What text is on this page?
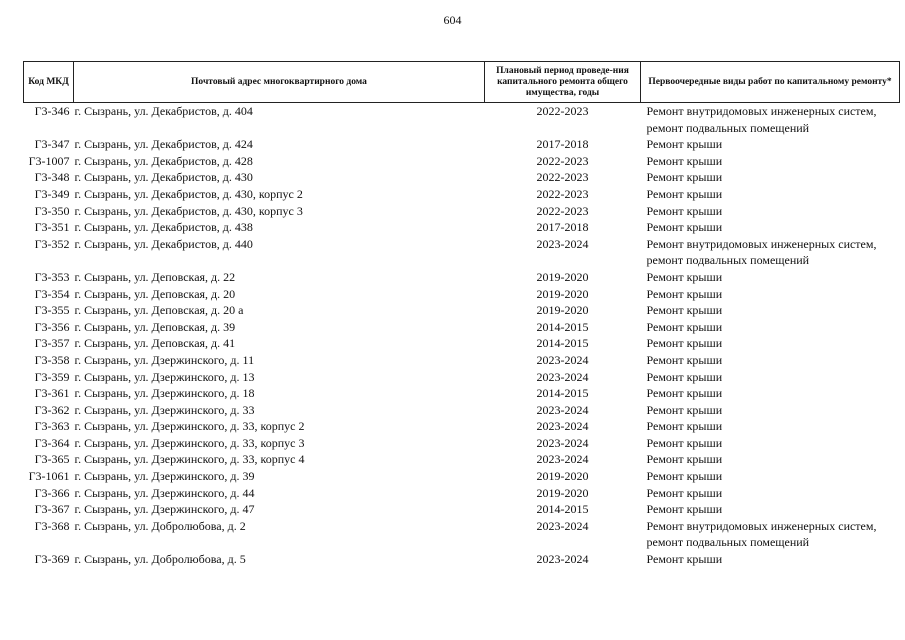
604
Код МКД	Почтовый адрес многоквартирного дома	Плановый период проведе-ния капитального ремонта общего имущества, годы	Первоочередные виды работ по капитальному ремонту*
Г3-346	г. Сызрань, ул. Декабристов, д. 404	2022-2023	Ремонт внутридомовых инженерных систем, ремонт подвальных помещений
Г3-347	г. Сызрань, ул. Декабристов, д. 424	2017-2018	Ремонт крыши
Г3-1007	г. Сызрань, ул. Декабристов, д. 428	2022-2023	Ремонт крыши
Г3-348	г. Сызрань, ул. Декабристов, д. 430	2022-2023	Ремонт крыши
Г3-349	г. Сызрань, ул. Декабристов, д. 430, корпус 2	2022-2023	Ремонт крыши
Г3-350	г. Сызрань, ул. Декабристов, д. 430, корпус 3	2022-2023	Ремонт крыши
Г3-351	г. Сызрань, ул. Декабристов, д. 438	2017-2018	Ремонт крыши
Г3-352	г. Сызрань, ул. Декабристов, д. 440	2023-2024	Ремонт внутридомовых инженерных систем, ремонт подвальных помещений
Г3-353	г. Сызрань, ул. Деповская, д. 22	2019-2020	Ремонт крыши
Г3-354	г. Сызрань, ул. Деповская, д. 20	2019-2020	Ремонт крыши
Г3-355	г. Сызрань, ул. Деповская, д. 20 а	2019-2020	Ремонт крыши
Г3-356	г. Сызрань, ул. Деповская, д. 39	2014-2015	Ремонт крыши
Г3-357	г. Сызрань, ул. Деповская, д. 41	2014-2015	Ремонт крыши
Г3-358	г. Сызрань, ул. Дзержинского, д. 11	2023-2024	Ремонт крыши
Г3-359	г. Сызрань, ул. Дзержинского, д. 13	2023-2024	Ремонт крыши
Г3-361	г. Сызрань, ул. Дзержинского, д. 18	2014-2015	Ремонт крыши
Г3-362	г. Сызрань, ул. Дзержинского, д. 33	2023-2024	Ремонт крыши
Г3-363	г. Сызрань, ул. Дзержинского, д. 33, корпус 2	2023-2024	Ремонт крыши
Г3-364	г. Сызрань, ул. Дзержинского, д. 33, корпус 3	2023-2024	Ремонт крыши
Г3-365	г. Сызрань, ул. Дзержинского, д. 33, корпус 4	2023-2024	Ремонт крыши
Г3-1061	г. Сызрань, ул. Дзержинского, д. 39	2019-2020	Ремонт крыши
Г3-366	г. Сызрань, ул. Дзержинского, д. 44	2019-2020	Ремонт крыши
Г3-367	г. Сызрань, ул. Дзержинского, д. 47	2014-2015	Ремонт крыши
Г3-368	г. Сызрань, ул. Добролюбова, д. 2	2023-2024	Ремонт внутридомовых инженерных систем, ремонт подвальных помещений
Г3-369	г. Сызрань, ул. Добролюбова, д. 5	2023-2024	Ремонт крыши
